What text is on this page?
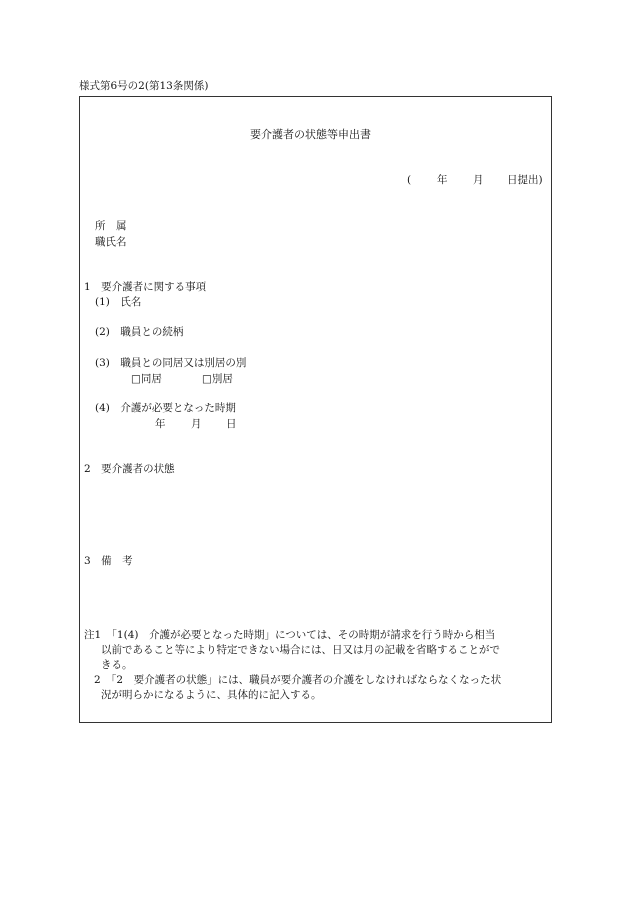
様式第6号の2(第13条関係)
要介護者の状態等申出書
( 年 月 日提出)
所　属
職氏名
1　要介護者に関する事項
(1)　氏名
(2)　職員との続柄
(3)　職員との同居又は別居の別
□同居	□別居
(4)　介護が必要となった時期
年 月 日
2　要介護者の状態
3　備　考
注1　「1(4)　介護が必要となった時期」については、その時期が請求を行う時から相当
以前であること等により特定できない場合には、日又は月の記載を省略することがで
きる。
2　「2　要介護者の状態」には、職員が要介護者の介護をしなければならなくなった状
況が明らかになるように、具体的に記入する。
